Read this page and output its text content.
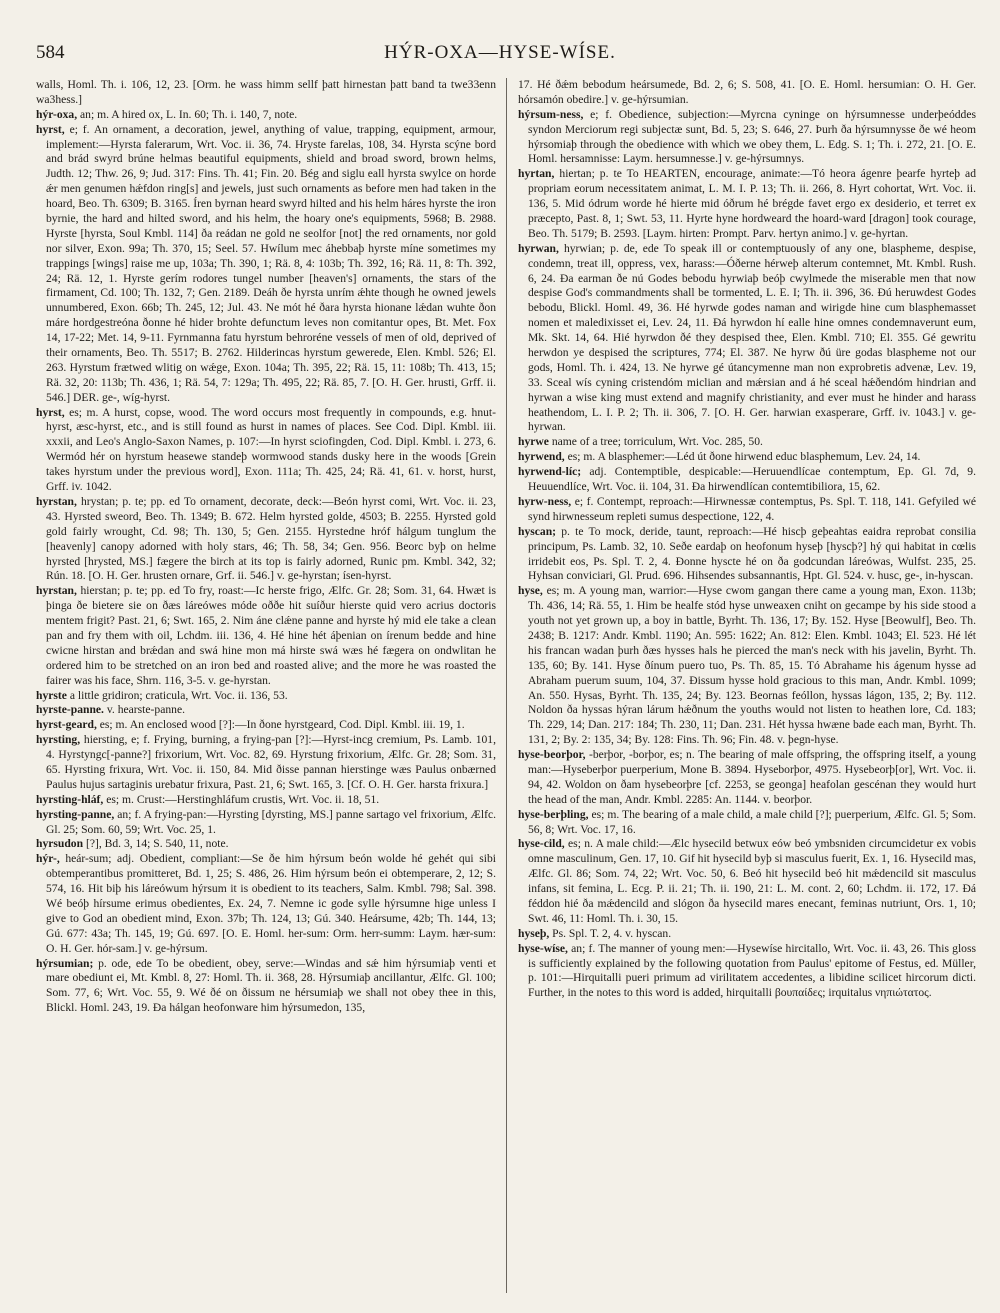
584	HÝR-OXA—HYSE-WÍSE.

walls, Homl. Th. i. 106, 12, 23. [Orm. he wass himm sellf þatt hirnestan þatt band ta twe33enn wa3hess.]

hýr-oxa, an; m. A hired ox, L. In. 60; Th. i. 140, 7, note.

hyrst, e; f. An ornament, a decoration, jewel, anything of value, trapping, equipment, armour, implement:—Hyrsta falerarum, Wrt. Voc. ii. 36, 74. Hryste farelas, 108, 34. Hyrsta scýne bord and brád swyrd brúne helmas beautiful equipments, shield and broad sword, brown helms, Judth. 12; Thw. 26, 9; Jud. 317: Fins. Th. 41; Fin. 20. Bég and siglu eall hyrsta swylce on horde ǽr men genumen hǽfdon ring[s] and jewels, just such ornaments as before men had taken in the hoard, Beo. Th. 6309; B. 3165. Íren byrnan heard swyrd hilted and his helm háres hyrste the iron byrnie, the hard and hilted sword, and his helm, the hoary one's equipments, 5968; B. 2988. Hyrste [hyrsta, Soul Kmbl. 114] ða reádan ne gold ne seolfor [not] the red ornaments, nor gold nor silver, Exon. 99a; Th. 370, 15; Seel. 57. Hwílum mec áhebbaþ hyrste míne sometimes my trappings [wings] raise me up, 103a; Th. 390, 1; Rä. 8, 4: 103b; Th. 392, 16; Rä. 11, 8: Th. 392, 24; Rä. 12, 1. Hyrste gerím rodores tungel number [heaven's] ornaments, the stars of the firmament, Cd. 100; Th. 132, 7; Gen. 2189. Deáh ðe hyrsta unrím ǽhte though he owned jewels unnumbered, Exon. 66b; Th. 245, 12; Jul. 43. Ne mót hé ðara hyrsta hionane lǽdan wuhte ðon máre hordgestreóna ðonne hé hider brohte defunctum leves non comitantur opes, Bt. Met. Fox 14, 17-22; Met. 14, 9-11. Fyrnmanna fatu hyrstum behroréne vessels of men of old, deprived of their ornaments, Beo. Th. 5517; B. 2762. Hilderincas hyrstum gewerede, Elen. Kmbl. 526; El. 263. Hyrstum frætwed wlitig on wǽge, Exon. 104a; Th. 395, 22; Rä. 15, 11: 108b; Th. 413, 15; Rä. 32, 20: 113b; Th. 436, 1; Rä. 54, 7: 129a; Th. 495, 22; Rä. 85, 7. [O. H. Ger. hrusti, Grff. ii. 546.] DER. ge-, wíg-hyrst.

hyrst, es; m. A hurst, copse, wood. The word occurs most frequently in compounds, e.g. hnut-hyrst, æsc-hyrst, etc., and is still found as hurst in names of places. See Cod. Dipl. Kmbl. iii. xxxii, and Leo's Anglo-Saxon Names, p. 107:—In hyrst sciofingden, Cod. Dipl. Kmbl. i. 273, 6. Wermód hér on hyrstum heasewe standeþ wormwood stands dusky here in the woods [Grein takes hyrstum under the previous word], Exon. 111a; Th. 425, 24; Rä. 41, 61. v. horst, hurst, Grff. iv. 1042.

hyrstan, hrystan; p. te; pp. ed To ornament, decorate, deck:—Beón hyrst comi, Wrt. Voc. ii. 23, 43. Hyrsted sweord, Beo. Th. 1349; B. 672. Helm hyrsted golde, 4503; B. 2255. Hyrsted gold gold fairly wrought, Cd. 98; Th. 130, 5; Gen. 2155. Hyrstedne hróf hálgum tunglum the [heavenly] canopy adorned with holy stars, 46; Th. 58, 34; Gen. 956. Beorc byþ on helme hyrsted [hrysted, MS.] fægere the birch at its top is fairly adorned, Runic pm. Kmbl. 342, 32; Rún. 18. [O. H. Ger. hrusten ornare, Grf. ii. 546.] v. ge-hyrstan; ísen-hyrst.

hyrstan, hierstan; p. te; pp. ed To fry, roast:—Ic herste frigo, Ælfc. Gr. 28; Som. 31, 64. Hwæt is þinga ðe bietere sie on ðæs láreówes móde oððe hit suíður hierste quid vero acrius doctoris mentem frigit? Past. 21, 6; Swt. 165, 2. Nim áne clǽne panne and hyrste hý mid ele take a clean pan and fry them with oil, Lchdm. iii. 136, 4. Hé hine hét áþenian on írenum bedde and hine cwicne hirstan and brǽdan and swá hine mon má hirste swá wæs hé fægera on ondwlitan he ordered him to be stretched on an iron bed and roasted alive; and the more he was roasted the fairer was his face, Shrn. 116, 3-5. v. ge-hyrstan.

hyrste a little gridiron; craticula, Wrt. Voc. ii. 136, 53.

hyrste-panne. v. hearste-panne.

hyrst-geard, es; m. An enclosed wood [?]:—In ðone hyrstgeard, Cod. Dipl. Kmbl. iii. 19, 1.

hyrsting, hiersting, e; f. Frying, burning, a frying-pan [?]:—Hyrst-incg cremium, Ps. Lamb. 101, 4. Hyrstyngc[-panne?] frixorium, Wrt. Voc. 82, 69. Hyrstung frixorium, Ælfc. Gr. 28; Som. 31, 65. Hyrsting frixura, Wrt. Voc. ii. 150, 84. Mid ðisse pannan hierstinge wæs Paulus onbærned Paulus hujus sartaginis urebatur frixura, Past. 21, 6; Swt. 165, 3. [Cf. O. H. Ger. harsta frixura.]

hyrsting-hláf, es; m. Crust:—Herstinghláfum crustis, Wrt. Voc. ii. 18, 51.

hyrsting-panne, an; f. A frying-pan:—Hyrsting [dyrsting, MS.] panne sartago vel frixorium, Ælfc. Gl. 25; Som. 60, 59; Wrt. Voc. 25, 1.

hyrsudon [?], Bd. 3, 14; S. 540, 11, note.

hýr-, heár-sum; adj. Obedient, compliant:—Se ðe him hýrsum beón wolde hé gehét qui sibi obtemperantibus promitteret, Bd. 1, 25; S. 486, 26. Him hýrsum beón ei obtemperare, 2, 12; S. 574, 16. Hit biþ his láreówum hýrsum it is obedient to its teachers, Salm. Kmbl. 798; Sal. 398. Wé beóþ hírsume erimus obedientes, Ex. 24, 7. Nemne ic gode sylle hýrsumne hige unless I give to God an obedient mind, Exon. 37b; Th. 124, 13; Gú. 340. Heársume, 42b; Th. 144, 13; Gú. 677: 43a; Th. 145, 19; Gú. 697. [O. E. Homl. her-sum: Orm. herr-summ: Laym. hær-sum: O. H. Ger. hór-sam.] v. ge-hýrsum.

hýrsumian; p. ode, ede To be obedient, obey, serve:—Windas and sǽ him hýrsumiaþ venti et mare obediunt ei, Mt. Kmbl. 8, 27: Homl. Th. ii. 368, 28. Hýrsumiaþ ancillantur, Ælfc. Gl. 100; Som. 77, 6; Wrt. Voc. 55, 9. Wé ðé on ðissum ne hérsumiaþ we shall not obey thee in this, Blickl. Homl. 243, 19. Ða hálgan heofonware him hýrsumedon, 135,

17. Hé ðǽm bebodum heársumede, Bd. 2, 6; S. 508, 41. [O. E. Homl. hersumian: O. H. Ger. hórsamón obedire.] v. ge-hýrsumian.

hýrsum-ness, e; f. Obedience, subjection:—Myrcna cyninge on hýrsumnesse underþeóddes syndon Merciorum regi subjectæ sunt, Bd. 5, 23; S. 646, 27. Þurh ða hýrsumnysse ðe wé heom hýrsomiaþ through the obedience with which we obey them, L. Edg. S. 1; Th. i. 272, 21. [O. E. Homl. hersamnisse: Laym. hersumnesse.] v. ge-hýrsumnys.

hyrtan, hiertan; p. te To HEARTEN, encourage, animate:—Tó heora ágenre þearfe hyrteþ ad propriam eorum necessitatem animat, L. M. I. P. 13; Th. ii. 266, 8. Hyrt cohortat, Wrt. Voc. ii. 136, 5. Mid ódrum worde hé hierte mid óðrum hé brégde favet ergo ex desiderio, et terret ex præcepto, Past. 8, 1; Swt. 53, 11. Hyrte hyne hordweard the hoard-ward [dragon] took courage, Beo. Th. 5179; B. 2593. [Laym. hirten: Prompt. Parv. hertyn animo.] v. ge-hyrtan.

hyrwan, hyrwian; p. de, ede To speak ill or contemptuously of any one, blaspheme, despise, condemn, treat ill, oppress, vex, harass:—Óðerne hérweþ alterum contemnet, Mt. Kmbl. Rush. 6, 24. Ða earman ðe nú Godes bebodu hyrwiaþ beóþ cwylmede the miserable men that now despise God's commandments shall be tormented, L. E. I; Th. ii. 396, 36. Ðú heruwdest Godes bebodu, Blickl. Homl. 49, 36. Hé hyrwde godes naman and wirigde hine cum blasphemasset nomen et maledixisset ei, Lev. 24, 11. Ðá hyrwdon hí ealle hine omnes condemnaverunt eum, Mk. Skt. 14, 64. Hié hyrwdon ðé they despised thee, Elen. Kmbl. 710; El. 355. Gé gewritu herwdon ye despised the scriptures, 774; El. 387. Ne hyrw ðú üre godas blaspheme not our gods, Homl. Th. i. 424, 13. Ne hyrwe gé útancymenne man non exprobretis advenæ, Lev. 19, 33. Sceal wís cyning cristendóm miclian and mǽrsian and á hé sceal hǽðendóm hindrian and hyrwan a wise king must extend and magnify christianity, and ever must he hinder and harass heathendom, L. I. P. 2; Th. ii. 306, 7. [O. H. Ger. harwian exasperare, Grff. iv. 1043.] v. ge-hyrwan.

hyrwe name of a tree; torriculum, Wrt. Voc. 285, 50.

hyrwend, es; m. A blasphemer:—Léd út ðone hirwend educ blasphemum, Lev. 24, 14.

hyrwend-líc; adj. Contemptible, despicable:—Heruuendlícae contemptum, Ep. Gl. 7d, 9. Heuuendlíce, Wrt. Voc. ii. 104, 31. Ða hirwendlícan contemtibiliora, 15, 62.

hyrw-ness, e; f. Contempt, reproach:—Hirwnessæ contemptus, Ps. Spl. T. 118, 141. Gefyiled wé synd hirwnesseum repleti sumus despectione, 122, 4.

hyscan; p. te To mock, deride, taunt, reproach:—Hé hiscþ geþeahtas eaidra reprobat consilia principum, Ps. Lamb. 32, 10. Seðe eardaþ on heofonum hyseþ [hyscþ?] hý qui habitat in cœlis irridebit eos, Ps. Spl. T. 2, 4. Ðonne hyscte hé on ða godcundan láreówas, Wulfst. 235, 25. Hyhsan conviciari, Gl. Prud. 696. Hihsendes subsannantis, Hpt. Gl. 524. v. husc, ge-, in-hyscan.

hyse, es; m. A young man, warrior:—Hyse cwom gangan there came a young man, Exon. 113b; Th. 436, 14; Rä. 55, 1. Him be healfe stód hyse unweaxen cniht on gecampe by his side stood a youth not yet grown up, a boy in battle, Byrht. Th. 136, 17; By. 152. Hyse [Beowulf], Beo. Th. 2438; B. 1217: Andr. Kmbl. 1190; An. 595: 1622; An. 812: Elen. Kmbl. 1043; El. 523. Hé lét his francan wadan þurh ðæs hysses hals he pierced the man's neck with his javelin, Byrht. Th. 135, 60; By. 141. Hyse ðínum puero tuo, Ps. Th. 85, 15. Tó Abrahame his ágenum hysse ad Abraham puerum suum, 104, 37. Ðissum hysse hold gracious to this man, Andr. Kmbl. 1099; An. 550. Hysas, Byrht. Th. 135, 24; By. 123. Beornas feóllon, hyssas lágon, 135, 2; By. 112. Noldon ða hyssas hýran lárum hǽðnum the youths would not listen to heathen lore, Cd. 183; Th. 229, 14; Dan. 217: 184; Th. 230, 11; Dan. 231. Hét hyssa hwæne bade each man, Byrht. Th. 131, 2; By. 2: 135, 34; By. 128: Fins. Th. 96; Fin. 48. v. þegn-hyse.

hyse-beorþor, -berþor, -borþor, es; n. The bearing of male offspring, the offspring itself, a young man:—Hyseberþor puerperium, Mone B. 3894. Hyseborþor, 4975. Hysebeorþ[or], Wrt. Voc. ii. 94, 42. Woldon on ðam hysebeorþre [cf. 2253, se geonga] heafolan gescénan they would hurt the head of the man, Andr. Kmbl. 2285: An. 1144. v. beorþor.

hyse-berþling, es; m. The bearing of a male child, a male child [?]; puerperium, Ælfc. Gl. 5; Som. 56, 8; Wrt. Voc. 17, 16.

hyse-cild, es; n. A male child:—Ælc hysecild betwux eów beó ymbsniden circumcidetur ex vobis omne masculinum, Gen. 17, 10. Gif hit hysecild byþ si masculus fuerit, Ex. 1, 16. Hysecild mas, Ælfc. Gl. 86; Som. 74, 22; Wrt. Voc. 50, 6. Beó hit hysecild beó hit mǽdencild sit masculus infans, sit femina, L. Ecg. P. ii. 21; Th. ii. 190, 21: L. M. cont. 2, 60; Lchdm. ii. 172, 17. Ðá féddon hié ða mǽdencild and slógon ða hysecild mares enecant, feminas nutriunt, Ors. 1, 10; Swt. 46, 11: Homl. Th. i. 30, 15.

hyseþ, Ps. Spl. T. 2, 4. v. hyscan.

hyse-wíse, an; f. The manner of young men:—Hysewíse hircitallo, Wrt. Voc. ii. 43, 26. This gloss is sufficiently explained by the following quotation from Paulus' epitome of Festus, ed. Müller, p. 101:—Hirquitalli pueri primum ad virilitatem accedentes, a libidine scilicet hircorum dicti. Further, in the notes to this word is added, hirquitalli βουπαίδες; irquitalus νηπιώτατος.
